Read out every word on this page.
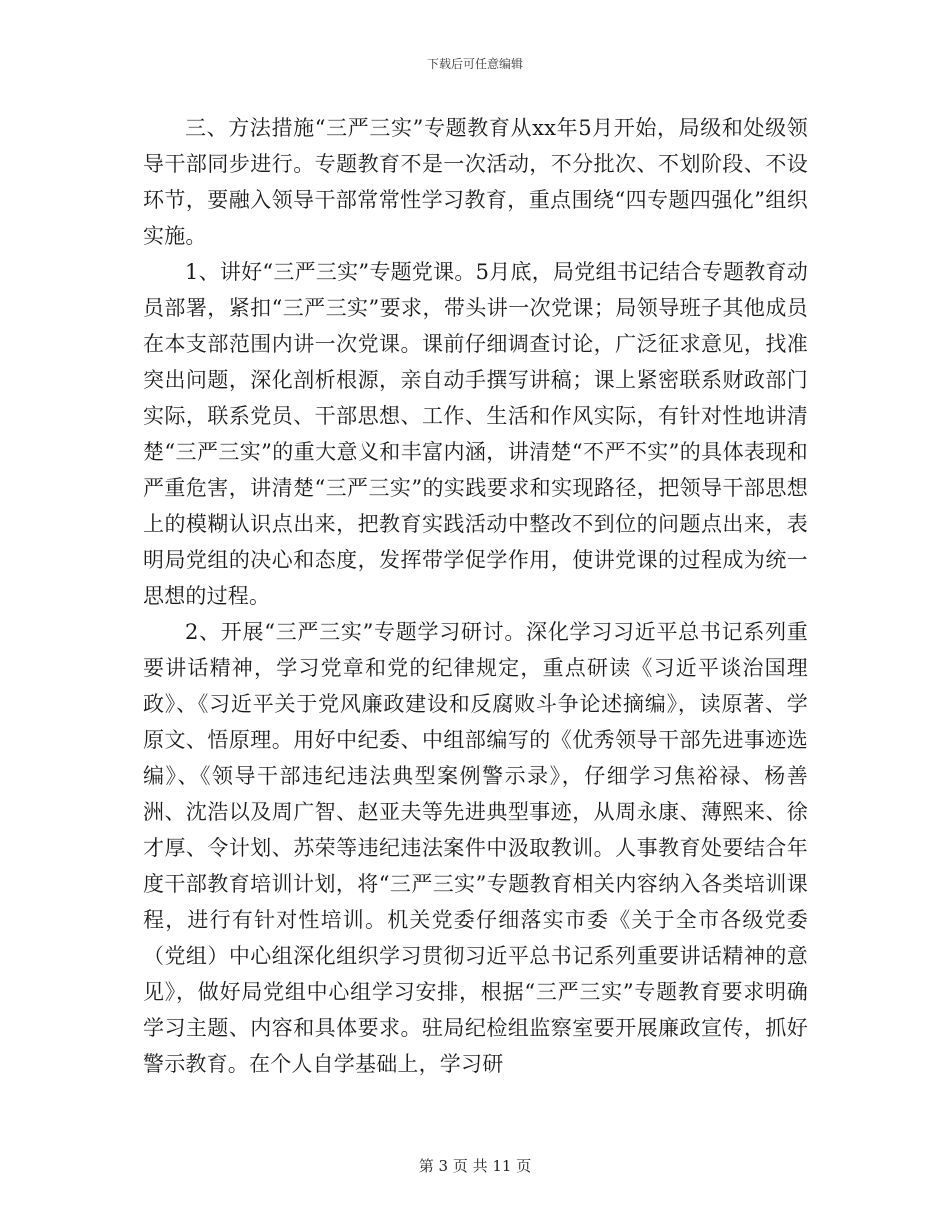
下载后可任意编辑

三、方法措施“三严三实”专题教育从xx年5月开始，局级和处级领导干部同步进行。专题教育不是一次活动，不分批次、不划阶段、不设环节，要融入领导干部常常性学习教育，重点围绕“四专题四强化”组织实施。

1、讲好“三严三实”专题党课。5月底，局党组书记结合专题教育动员部署，紧扣“三严三实”要求，带头讲一次党课；局领导班子其他成员在本支部范围内讲一次党课。课前仔细调查讨论，广泛征求意见，找准突出问题，深化剖析根源，亲自动手撰写讲稿；课上紧密联系财政部门实际，联系党员、干部思想、工作、生活和作风实际，有针对性地讲清楚“三严三实”的重大意义和丰富内涵，讲清楚“不严不实”的具体表现和严重危害，讲清楚“三严三实”的实践要求和实现路径，把领导干部思想上的模糊认识点出来，把教育实践活动中整改不到位的问题点出来，表明局党组的决心和态度，发挥带学促学作用，使讲党课的过程成为统一思想的过程。

2、开展“三严三实”专题学习研讨。深化学习习近平总书记系列重要讲话精神，学习党章和党的纪律规定，重点研读《习近平谈治国理政》、《习近平关于党风廉政建设和反腐败斗争论述摘编》，读原著、学原文、悟原理。用好中纪委、中组部编写的《优秀领导干部先进事迹选编》、《领导干部违纪违法典型案例警示录》，仔细学习焦裕禄、杨善洲、沈浩以及周广智、赵亚夫等先进典型事迹，从周永康、薄熙来、徐才厚、令计划、苏荣等违纪违法案件中汲取教训。人事教育处要结合年度干部教育培训计划，将“三严三实”专题教育相关内容纳入各类培训课程，进行有针对性培训。机关党委仔细落实市委《关于全市各级党委（党组）中心组深化组织学习贯彻习近平总书记系列重要讲话精神的意见》，做好局党组中心组学习安排，根据“三严三实”专题教育要求明确学习主题、内容和具体要求。驻局纪检组监察室要开展廉政宣传，抓好警示教育。在个人自学基础上，学习研

第 3 页 共 11 页
